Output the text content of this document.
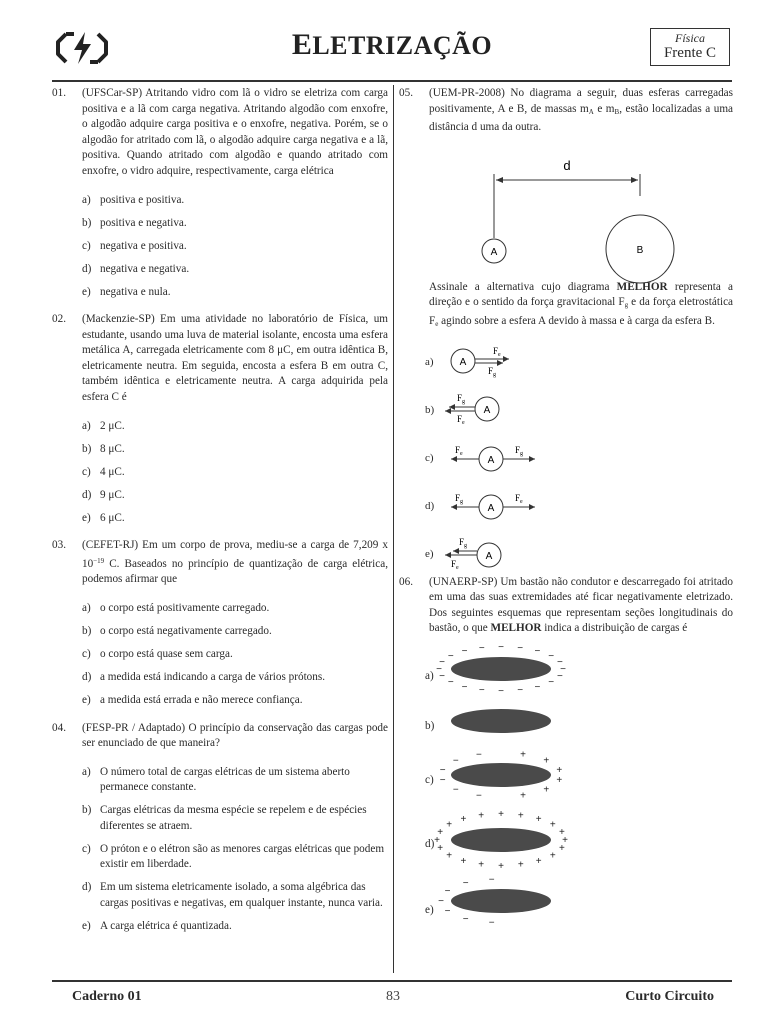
ELETRIZAÇÃO	Física
Frente C
01. (UFSCar-SP) Atritando vidro com lã o vidro se eletriza com carga positiva e a lã com carga negativa. Atritando algodão com enxofre, o algodão adquire carga positiva e o enxofre, negativa. Porém, se o algodão for atritado com lã, o algodão adquire carga negativa e a lã, positiva. Quando atritado com algodão e quando atritado com enxofre, o vidro adquire, respectivamente, carga elétrica
a) positiva e positiva.
b) positiva e negativa.
c) negativa e positiva.
d) negativa e negativa.
e) negativa e nula.
02. (Mackenzie-SP) Em uma atividade no laboratório de Física, um estudante, usando uma luva de material isolante, encosta uma esfera metálica A, carregada eletricamente com 8 μC, em outra idêntica B, eletricamente neutra. Em seguida, encosta a esfera B em outra C, também idêntica e eletricamente neutra. A carga adquirida pela esfera C é
a) 2 μC.
b) 8 μC.
c) 4 μC.
d) 9 μC.
e) 6 μC.
03. (CEFET-RJ) Em um corpo de prova, mediu-se a carga de 7,209 x $10^{-19}$ C. Baseados no princípio de quantização de carga elétrica, podemos afirmar que
a) o corpo está positivamente carregado.
b) o corpo está negativamente carregado.
c) o corpo está quase sem carga.
d) a medida está indicando a carga de vários prótons.
e) a medida está errada e não merece confiança.
04. (FESP-PR / Adaptado) O princípio da conservação das cargas pode ser enunciado de que maneira?
a) O número total de cargas elétricas de um sistema aberto permanece constante.
b) Cargas elétricas da mesma espécie se repelem e de espécies diferentes se atraem.
c) O próton e o elétron são as menores cargas elétricas que podem existir em liberdade.
d) Em um sistema eletricamente isolado, a soma algébrica das cargas positivas e negativas, em qualquer instante, nunca varia.
e) A carga elétrica é quantizada.
05. (UEM-PR-2008) No diagrama a seguir, duas esferas carregadas positivamente, A e B, de massas $m_A$ e $m_B$, estão localizadas a uma distância d uma da outra.
d
A	B
Assinale a alternativa cujo diagrama MELHOR representa a direção e o sentido da força gravitacional $F_g$ e da força eletrostática $F_e$ agindo sobre a esfera A devido à massa e à carga da esfera B.
a)	A
F e
F g
b)	A
F g
F e
c)	A
F e	F g
d)	A
F g	F e
e)	A
F g
F e
06. (UNAERP-SP) Um bastão não condutor e descarregado foi atritado em uma das suas extremidades até ficar negativamente eletrizado. Dos seguintes esquemas que representam seções longitudinais do bastão, o que MELHOR indica a distribuição de cargas é
a)
−
−
−
−
−
−
−
−
−
−
−
−
− − − − − − −
−
b)
c)
−
−
−
−
−
−	+
+
+
+
+
+
d)	+
+
+
+
+
+
+
+
+
+
+
+
+
+ + + + +
+
+
e)
−
−
−
−
−
− −
Caderno 01	83	Curto Circuito
